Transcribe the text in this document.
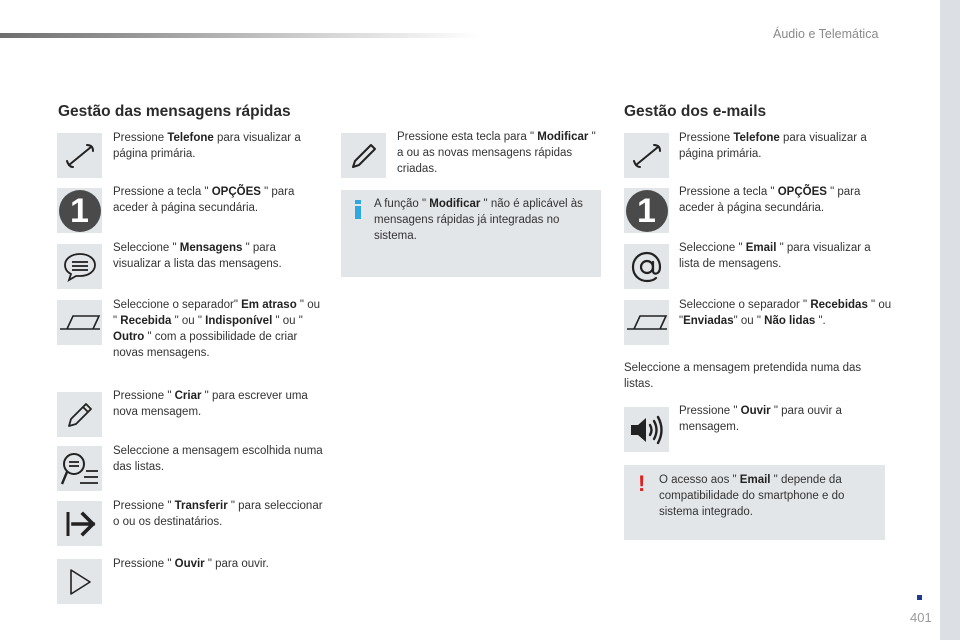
Áudio e Telemática
Gestão das mensagens rápidas
Pressione Telefone para visualizar a página primária.
1	Pressione a tecla " OPÇÕES " para aceder à página secundária.
Seleccione " Mensagens " para visualizar a lista das mensagens.
Seleccione o separador" Em atraso " ou " Recebida " ou " Indisponível " ou " Outro " com a possibilidade de criar novas mensagens.
Pressione " Criar " para escrever uma nova mensagem.
Seleccione a mensagem escolhida numa das listas.
Pressione " Transferir " para seleccionar o ou os destinatários.
Pressione " Ouvir " para ouvir.
Pressione esta tecla para " Modificar " a ou as novas mensagens rápidas criadas.
A função " Modificar " não é aplicável às mensagens rápidas já integradas no sistema.
Gestão dos e-mails
Pressione Telefone para visualizar a página primária.
1	Pressione a tecla " OPÇÕES " para aceder à página secundária.
Seleccione " Email " para visualizar a lista de mensagens.
Seleccione o separador " Recebidas " ou "Enviadas" ou " Não lidas ".
Seleccione a mensagem pretendida numa das listas.
Pressione " Ouvir " para ouvir a mensagem.
! O acesso aos " Email " depende da compatibilidade do smartphone e do sistema integrado.
401
